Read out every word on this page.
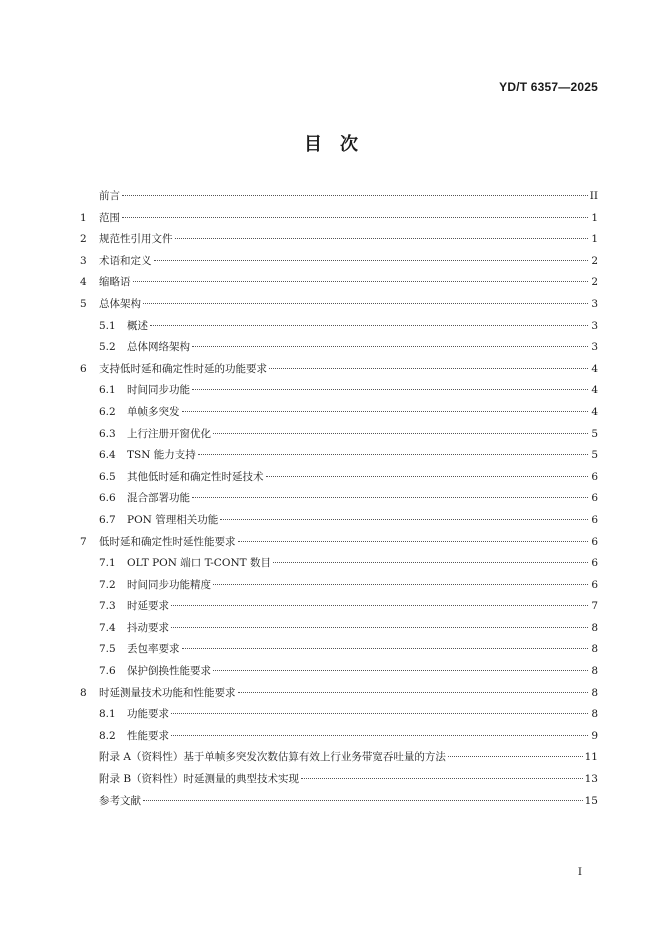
YD/T 6357—2025
目　次
前言	II
1	范围	1
2	规范性引用文件	1
3	术语和定义	2
4	缩略语	2
5	总体架构	3
5.1	概述	3
5.2	总体网络架构	3
6	支持低时延和确定性时延的功能要求	4
6.1	时间同步功能	4
6.2	单帧多突发	4
6.3	上行注册开窗优化	5
6.4	TSN 能力支持	5
6.5	其他低时延和确定性时延技术	6
6.6	混合部署功能	6
6.7	PON 管理相关功能	6
7	低时延和确定性时延性能要求	6
7.1	OLT PON 端口 T-CONT 数目	6
7.2	时间同步功能精度	6
7.3	时延要求	7
7.4	抖动要求	8
7.5	丢包率要求	8
7.6	保护倒换性能要求	8
8	时延测量技术功能和性能要求	8
8.1	功能要求	8
8.2	性能要求	9
附录 A（资料性）基于单帧多突发次数估算有效上行业务带宽吞吐量的方法	11
附录 B（资料性）时延测量的典型技术实现	13
参考文献	15
I
